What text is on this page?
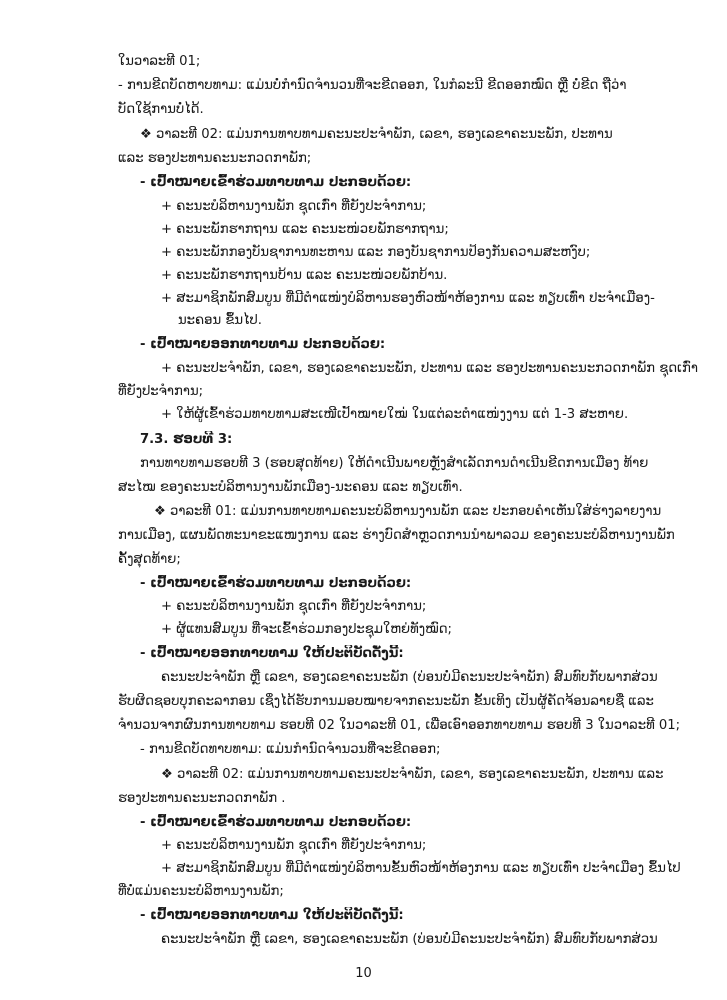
ໃນວາລະທີ 01;
- ການຂີດບັດຫາບທາມ: ແມ່ນບໍ່ກຳນົດຈຳນວນທີ່ຈະຂີດອອກ, ໃນກໍລະນີ ຂີດອອກໝົດ ຫຼື ບໍ່ຂີດ ຖືວ່າ
ບັດໃຊ້ການບໍ່ໄດ້.
❖ ວາລະທີ 02: ແມ່ນການທາບທາມຄະນະປະຈຳພັກ, ເລຂາ, ຮອງເລຂາຄະນະພັກ, ປະທານ
ແລະ ຮອງປະທານຄະນະກວດກາພັກ;
- ເປົ້າໝາຍເຂົ້າຮ່ວມທາບທາມ ປະກອບດ້ວຍ:
+ ຄະນະບໍລິຫານງານພັກ ຊຸດເກົ່າ ທີ່ຍັງປະຈຳການ;
+ ຄະນະພັກຮາກຖານ ແລະ ຄະນະໜ່ວຍພັກຮາກຖານ;
+ ຄະນະພັກກອງບັນຊາການທະຫານ ແລະ ກອງບັນຊາການປ້ອງກັນຄວາມສະຫງົບ;
+ ຄະນະພັກຮາກຖານບ້ານ ແລະ ຄະນະໜ່ວຍພັກບ້ານ.
+ ສະມາຊິກພັກສົມບູນ ທີ່ມີຕຳແໜ່ງບໍລິຫານຮອງຫົວໜ້າຫ້ອງການ ແລະ ທຽບເທົ່າ ປະຈຳເມືອງ-
ນະຄອນ ຂຶ້ນໄປ.
- ເປົ້າໝາຍອອກທາບທາມ ປະກອບດ້ວຍ:
+ ຄະນະປະຈຳພັກ, ເລຂາ, ຮອງເລຂາຄະນະພັກ, ປະທານ ແລະ ຮອງປະທານຄະນະກວດກາພັກ ຊຸດເກົ່າ
ທີ່ຍັງປະຈຳການ;
+ ໃຫ້ຜູ້ເຂົ້າຮ່ວມທາບທາມສະເໜີເປົ້າໝາຍໃໝ່ ໃນແຕ່ລະຕຳແໜ່ງງານ ແຕ່ 1-3 ສະຫາຍ.
7.3. ຮອບທີ 3:
ການທາບທາມຮອບທີ 3 (ຮອບສຸດທ້າຍ) ໃຫ້ດຳເນີນພາຍຫຼັງສຳເລັດການດຳເນີນຂີດການເມືອງ ທ້າຍ
ສະໄໝ ຂອງຄະນະບໍລິຫານງານພັກເມືອງ-ນະຄອນ ແລະ ທຽບເທົ່າ.
❖ ວາລະທີ 01: ແມ່ນການທາບທາມຄະນະບໍລິຫານງານພັກ ແລະ ປະກອບຄຳເຫັນໃສ່ຮ່າງລາຍງານ
ການເມືອງ, ແຜນພັດທະນາຂະແໜງການ ແລະ ຮ່າງບົດສຳຫຼວດການນຳພາລວມ ຂອງຄະນະບໍລິຫານງານພັກ
ຄັ້ງສຸດທ້າຍ;
- ເປົ້າໝາຍເຂົ້າຮ່ວມທາບທາມ ປະກອບດ້ວຍ:
+ ຄະນະບໍລິຫານງານພັກ ຊຸດເກົ່າ ທີ່ຍັງປະຈຳການ;
+ ຜູ້ແທນສົມບູນ ທີ່ຈະເຂົ້າຮ່ວມກອງປະຊຸມໃຫຍ່ທັງໝົດ;
- ເປົ້າໝາຍອອກທາບທາມ ໃຫ້ປະຕິບັດດັ່ງນີ້:
ຄະນະປະຈຳພັກ ຫຼື ເລຂາ, ຮອງເລຂາຄະນະພັກ (ບ່ອນບໍ່ມີຄະນະປະຈຳພັກ) ສົມທົບກັບພາກສ່ວນ
ຮັບຜິດຊອບບຸກຄະລາກອນ ເຊິ່ງໄດ້ຮັບການມອບໝາຍຈາກຄະນະພັກ ຂັ້ນເທິງ ເປັນຜູ້ຄັດຈ້ອນລາຍຊື່ ແລະ
ຈຳນວນຈາກຜົນການທາບທາມ ຮອບທີ 02 ໃນວາລະທີ 01, ເພື່ອເອົາອອກທາບທາມ ຮອບທີ 3 ໃນວາລະທີ 01;
- ການຂີດບັດທາບທາມ: ແມ່ນກຳນົດຈຳນວນທີ່ຈະຂີດອອກ;
❖ ວາລະທີ 02: ແມ່ນການທາບທາມຄະນະປະຈຳພັກ, ເລຂາ, ຮອງເລຂາຄະນະພັກ, ປະທານ ແລະ
ຮອງປະທານຄະນະກວດກາພັກ .
- ເປົ້າໝາຍເຂົ້າຮ່ວມທາບທາມ ປະກອບດ້ວຍ:
+ ຄະນະບໍລິຫານງານພັກ ຊຸດເກົ່າ ທີ່ຍັງປະຈຳການ;
+ ສະມາຊິກພັກສົມບູນ ທີ່ມີຕຳແໜ່ງບໍລິຫານຂັ້ນຫົວໜ້າຫ້ອງການ ແລະ ທຽບເທົ່າ ປະຈຳເມືອງ ຂຶ້ນໄປ
ທີ່ບໍ່ແມ່ນຄະນະບໍລິຫານງານພັກ;
- ເປົ້າໝາຍອອກທາບທາມ ໃຫ້ປະຕິບັດດັ່ງນີ້:
ຄະນະປະຈຳພັກ ຫຼື ເລຂາ, ຮອງເລຂາຄະນະພັກ (ບ່ອນບໍ່ມີຄະນະປະຈຳພັກ) ສົມທົບກັບພາກສ່ວນ
10
